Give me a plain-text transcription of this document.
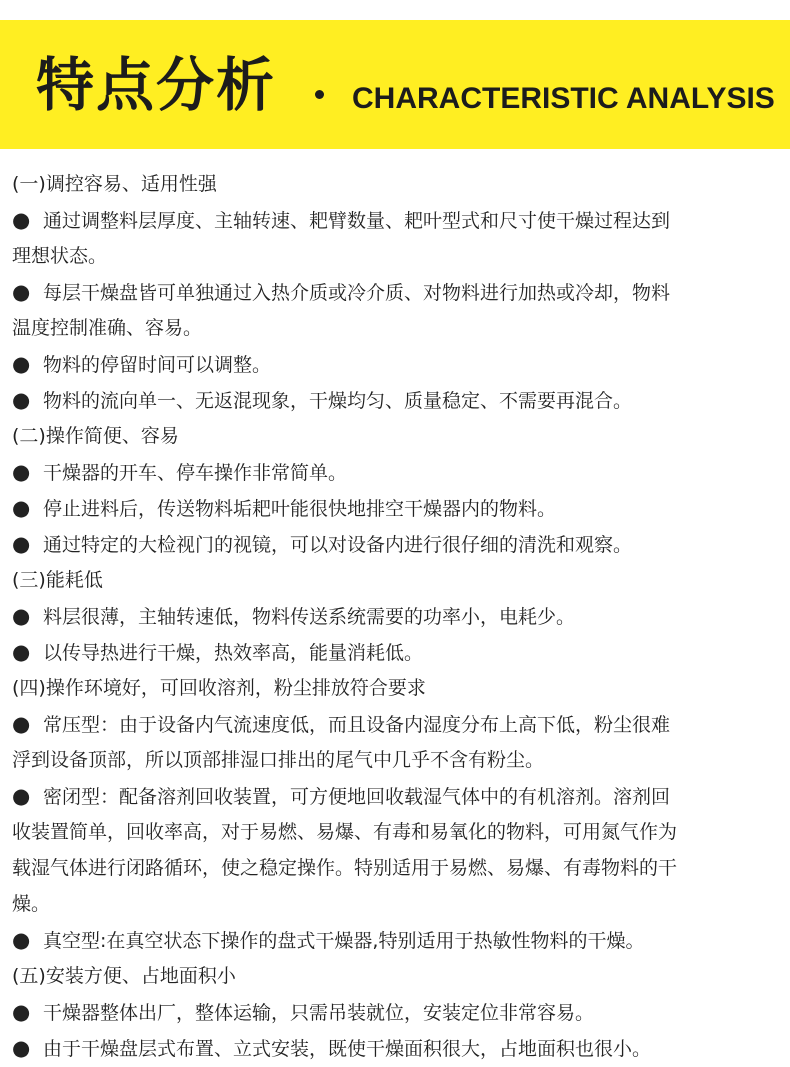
特点分析	CHARACTERISTIC ANALYSIS
(一)调控容易、适用性强
● 通过调整料层厚度、主轴转速、耙臂数量、耙叶型式和尺寸使干燥过程达到
理想状态。
● 每层干燥盘皆可单独通过入热介质或冷介质、对物料进行加热或冷却，物料
温度控制准确、容易。
● 物料的停留时间可以调整。
● 物料的流向单一、无返混现象，干燥均匀、质量稳定、不需要再混合。
(二)操作简便、容易
● 干燥器的开车、停车操作非常简单。
● 停止进料后，传送物料垢耙叶能很快地排空干燥器内的物料。
● 通过特定的大检视门的视镜，可以对设备内进行很仔细的清洗和观察。
(三)能耗低
● 料层很薄，主轴转速低，物料传送系统需要的功率小，电耗少。
● 以传导热进行干燥，热效率高，能量消耗低。
(四)操作环境好，可回收溶剂，粉尘排放符合要求
● 常压型：由于设备内气流速度低，而且设备内湿度分布上高下低，粉尘很难
浮到设备顶部，所以顶部排湿口排出的尾气中几乎不含有粉尘。
● 密闭型：配备溶剂回收装置，可方便地回收载湿气体中的有机溶剂。溶剂回
收装置简单，回收率高，对于易燃、易爆、有毒和易氧化的物料，可用氮气作为
载湿气体进行闭路循环，使之稳定操作。特别适用于易燃、易爆、有毒物料的干
燥。
● 真空型:在真空状态下操作的盘式干燥器,特别适用于热敏性物料的干燥。
(五)安装方便、占地面积小
● 干燥器整体出厂，整体运输，只需吊装就位，安装定位非常容易。
● 由于干燥盘层式布置、立式安装，既使干燥面积很大，占地面积也很小。
